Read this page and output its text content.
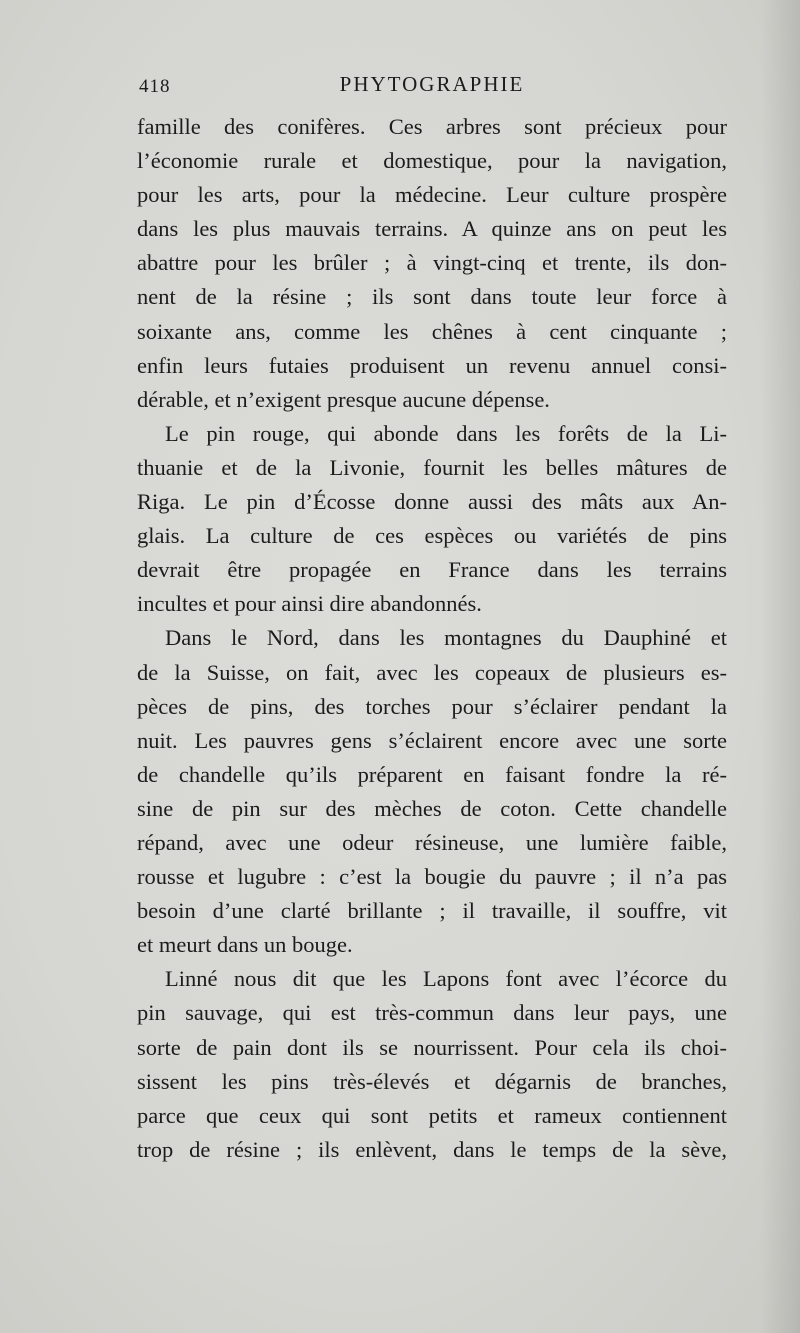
418	PHYTOGRAPHIE
famille des conifères. Ces arbres sont précieux pour
l’économie rurale et domestique, pour la navigation,
pour les arts, pour la médecine. Leur culture prospère
dans les plus mauvais terrains. A quinze ans on peut les
abattre pour les brûler ; à vingt-cinq et trente, ils don-
nent de la résine ; ils sont dans toute leur force à
soixante ans, comme les chênes à cent cinquante ;
enfin leurs futaies produisent un revenu annuel consi-
dérable, et n’exigent presque aucune dépense.
Le pin rouge, qui abonde dans les forêts de la Li-
thuanie et de la Livonie, fournit les belles mâtures de
Riga. Le pin d’Écosse donne aussi des mâts aux An-
glais. La culture de ces espèces ou variétés de pins
devrait être propagée en France dans les terrains
incultes et pour ainsi dire abandonnés.
Dans le Nord, dans les montagnes du Dauphiné et
de la Suisse, on fait, avec les copeaux de plusieurs es-
pèces de pins, des torches pour s’éclairer pendant la
nuit. Les pauvres gens s’éclairent encore avec une sorte
de chandelle qu’ils préparent en faisant fondre la ré-
sine de pin sur des mèches de coton. Cette chandelle
répand, avec une odeur résineuse, une lumière faible,
rousse et lugubre : c’est la bougie du pauvre ; il n’a pas
besoin d’une clarté brillante ; il travaille, il souffre, vit
et meurt dans un bouge.
Linné nous dit que les Lapons font avec l’écorce du
pin sauvage, qui est très-commun dans leur pays, une
sorte de pain dont ils se nourrissent. Pour cela ils choi-
sissent les pins très-élevés et dégarnis de branches,
parce que ceux qui sont petits et rameux contiennent
trop de résine ; ils enlèvent, dans le temps de la sève,
